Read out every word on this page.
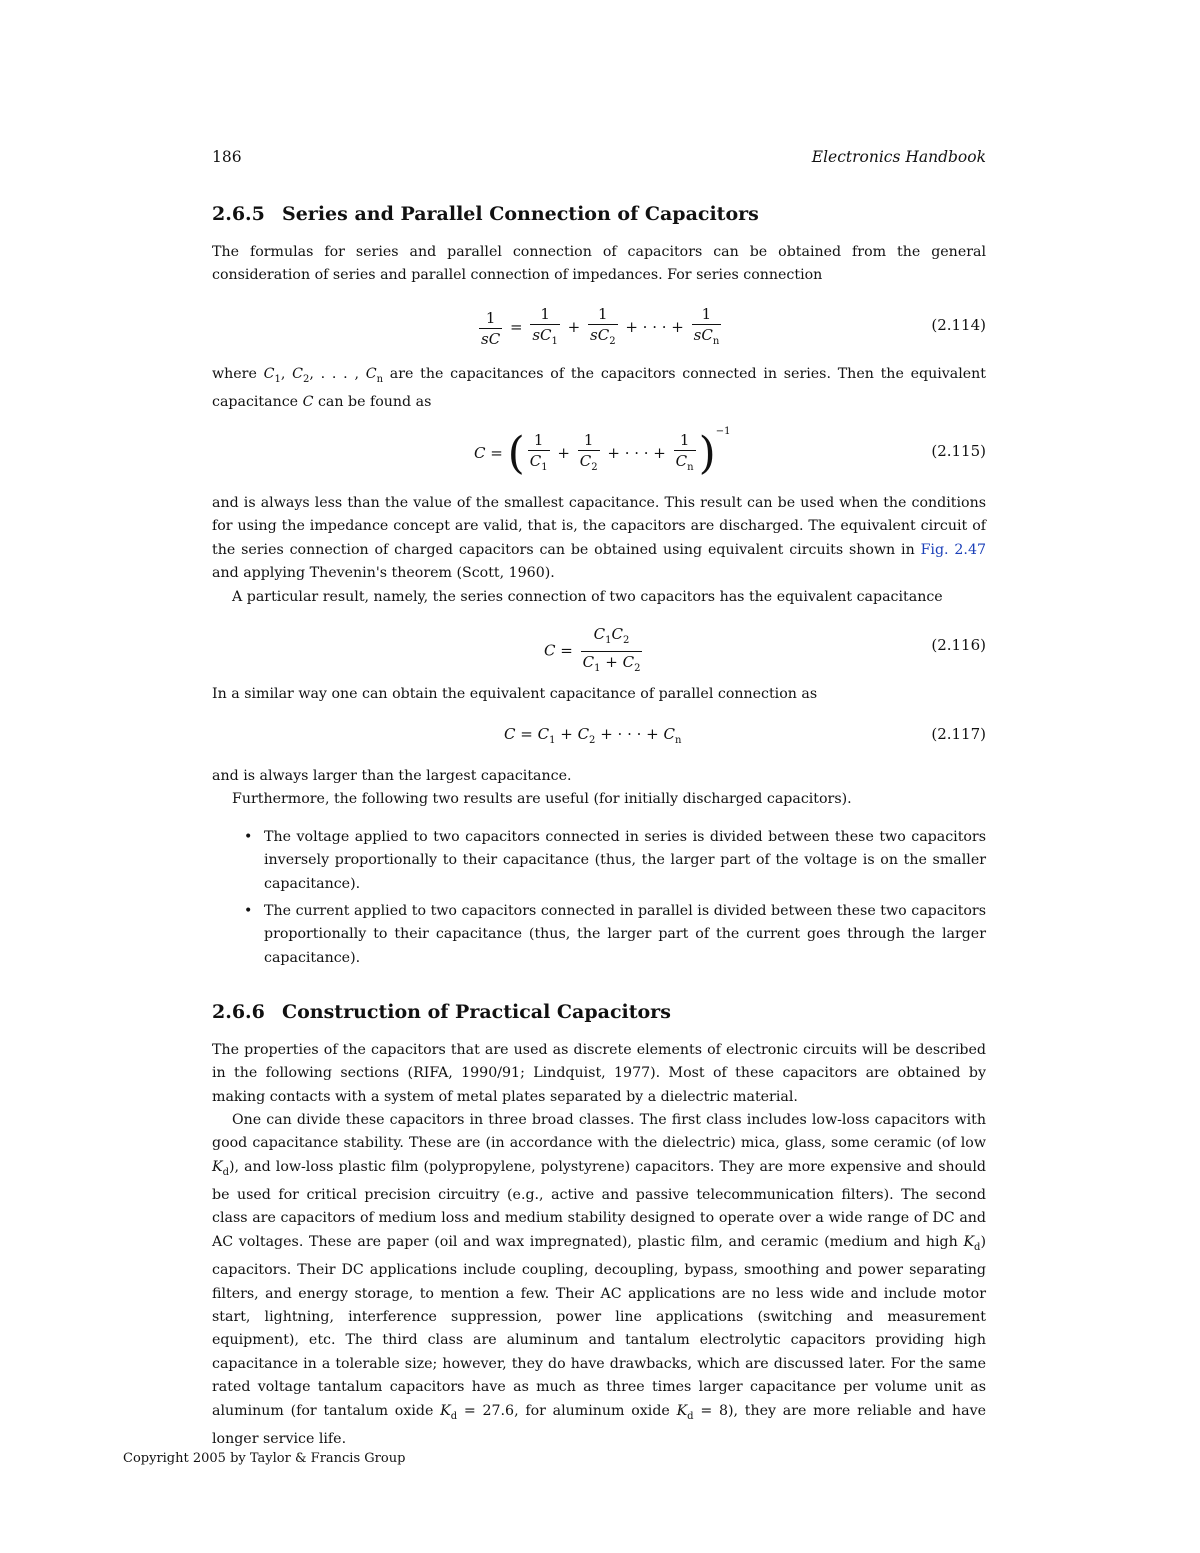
186	Electronics Handbook
2.6.5 Series and Parallel Connection of Capacitors
The formulas for series and parallel connection of capacitors can be obtained from the general consideration of series and parallel connection of impedances. For series connection
$\frac{1}{sC} = \frac{1}{sC_1} + \frac{1}{sC_2}$ + · · · + $\frac{1}{sC_n}$	(2.114)
where $C_1$, $C_2$, . . . , $C_n$ are the capacitances of the capacitors connected in series. Then the equivalent capacitance C can be found as
C = ( $\frac{1}{C_1} + \frac{1}{C_2}$ + · · · + $\frac{1}{C_n} )^{-1}$
(2.115)
and is always less than the value of the smallest capacitance. This result can be used when the conditions for using the impedance concept are valid, that is, the capacitors are discharged. The equivalent circuit of the series connection of charged capacitors can be obtained using equivalent circuits shown in Fig. 2.47 and applying Thevenin's theorem (Scott, 1960).
A particular result, namely, the series connection of two capacitors has the equivalent capacitance
$C = \frac{C_1C_2}{C_1 + C_2}$	(2.116)
In a similar way one can obtain the equivalent capacitance of parallel connection as
$C = C_1 + C_2$ + · · · + $C_n$	(2.117)
and is always larger than the largest capacitance.
Furthermore, the following two results are useful (for initially discharged capacitors).
• The voltage applied to two capacitors connected in series is divided between these two capacitors inversely proportionally to their capacitance (thus, the larger part of the voltage is on the smaller capacitance).
• The current applied to two capacitors connected in parallel is divided between these two capacitors proportionally to their capacitance (thus, the larger part of the current goes through the larger capacitance).
2.6.6 Construction of Practical Capacitors
The properties of the capacitors that are used as discrete elements of electronic circuits will be described in the following sections (RIFA, 1990/91; Lindquist, 1977). Most of these capacitors are obtained by making contacts with a system of metal plates separated by a dielectric material.
One can divide these capacitors in three broad classes. The first class includes low-loss capacitors with good capacitance stability. These are (in accordance with the dielectric) mica, glass, some ceramic (of low $K_d$), and low-loss plastic film (polypropylene, polystyrene) capacitors. They are more expensive and should be used for critical precision circuitry (e.g., active and passive telecommunication filters). The second class are capacitors of medium loss and medium stability designed to operate over a wide range of DC and AC voltages. These are paper (oil and wax impregnated), plastic film, and ceramic (medium and high $K_d$) capacitors. Their DC applications include coupling, decoupling, bypass, smoothing and power separating filters, and energy storage, to mention a few. Their AC applications are no less wide and include motor start, lightning, interference suppression, power line applications (switching and measurement equipment), etc. The third class are aluminum and tantalum electrolytic capacitors providing high capacitance in a tolerable size; however, they do have drawbacks, which are discussed later. For the same rated voltage tantalum capacitors have as much as three times larger capacitance per volume unit as aluminum (for tantalum oxide $K_d = 27.6$, for aluminum oxide $K_d = 8$), they are more reliable and have longer service life.
Copyright 2005 by Taylor & Francis Group
